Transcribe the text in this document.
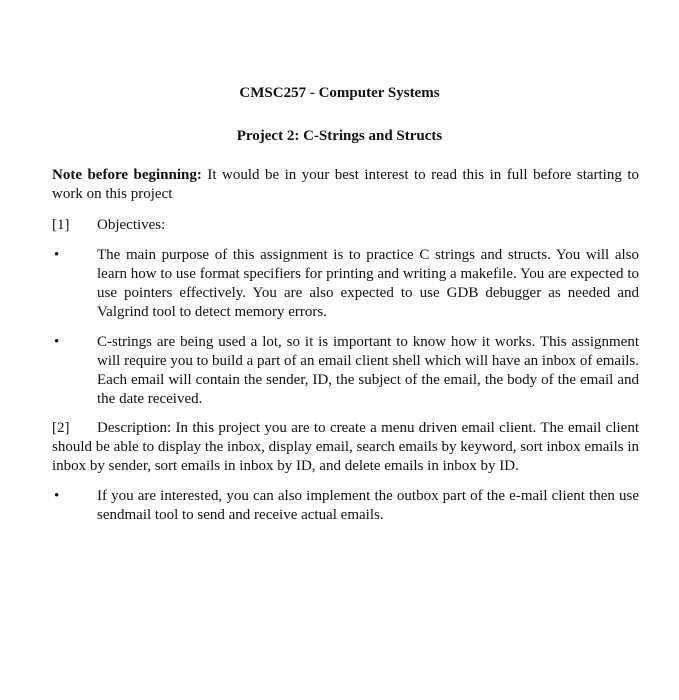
CMSC257 - Computer Systems

Project 2: C-Strings and Structs

Note before beginning: It would be in your best interest to read this in full before starting to work on this project

[1] Objectives:

•	The main purpose of this assignment is to practice C strings and structs. You will also learn how to use format specifiers for printing and writing a makefile. You are expected to use pointers effectively. You are also expected to use GDB debugger as needed and Valgrind tool to detect memory errors.
•	C-strings are being used a lot, so it is important to know how it works. This assignment will require you to build a part of an email client shell which will have an inbox of emails. Each email will contain the sender, ID, the subject of the email, the body of the email and the date received.

[2] Description: In this project you are to create a menu driven email client. The email client should be able to display the inbox, display email, search emails by keyword, sort inbox emails in inbox by sender, sort emails in inbox by ID, and delete emails in inbox by ID.

•	If you are interested, you can also implement the outbox part of the e-mail client then use sendmail tool to send and receive actual emails.
